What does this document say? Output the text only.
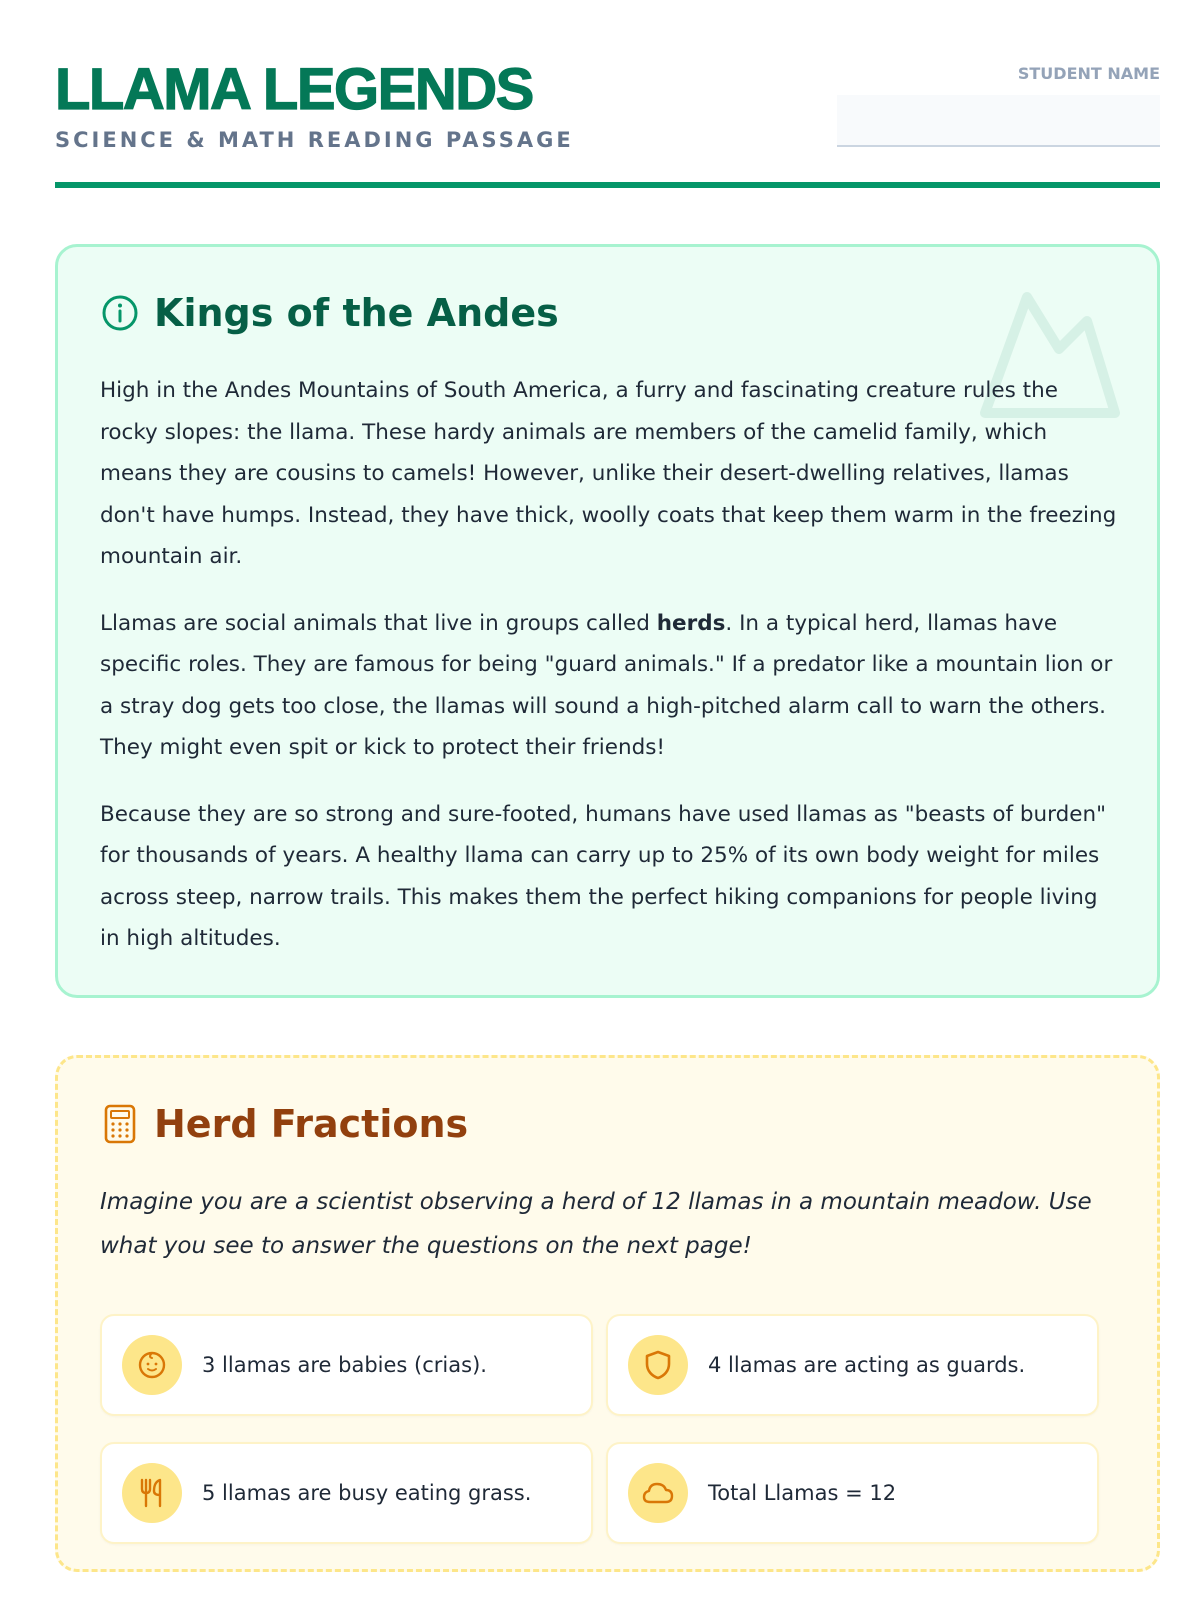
LLAMA LEGENDS
SCIENCE & MATH READING PASSAGE
STUDENT NAME
Kings of the Andes

High in the Andes Mountains of South America, a furry and fascinating creature rules the rocky slopes: the llama. These hardy animals are members of the camelid family, which means they are cousins to camels! However, unlike their desert-dwelling relatives, llamas don't have humps. Instead, they have thick, woolly coats that keep them warm in the freezing mountain air.

Llamas are social animals that live in groups called herds. In a typical herd, llamas have specific roles. They are famous for being "guard animals." If a predator like a mountain lion or a stray dog gets too close, the llamas will sound a high-pitched alarm call to warn the others. They might even spit or kick to protect their friends!

Because they are so strong and sure-footed, humans have used llamas as "beasts of burden" for thousands of years. A healthy llama can carry up to 25% of its own body weight for miles across steep, narrow trails. This makes them the perfect hiking companions for people living in high altitudes.

Herd Fractions
Imagine you are a scientist observing a herd of 12 llamas in a mountain meadow. Use what you see to answer the questions on the next page!
3 llamas are babies (crias).	4 llamas are acting as guards.
5 llamas are busy eating grass.	Total Llamas = 12
